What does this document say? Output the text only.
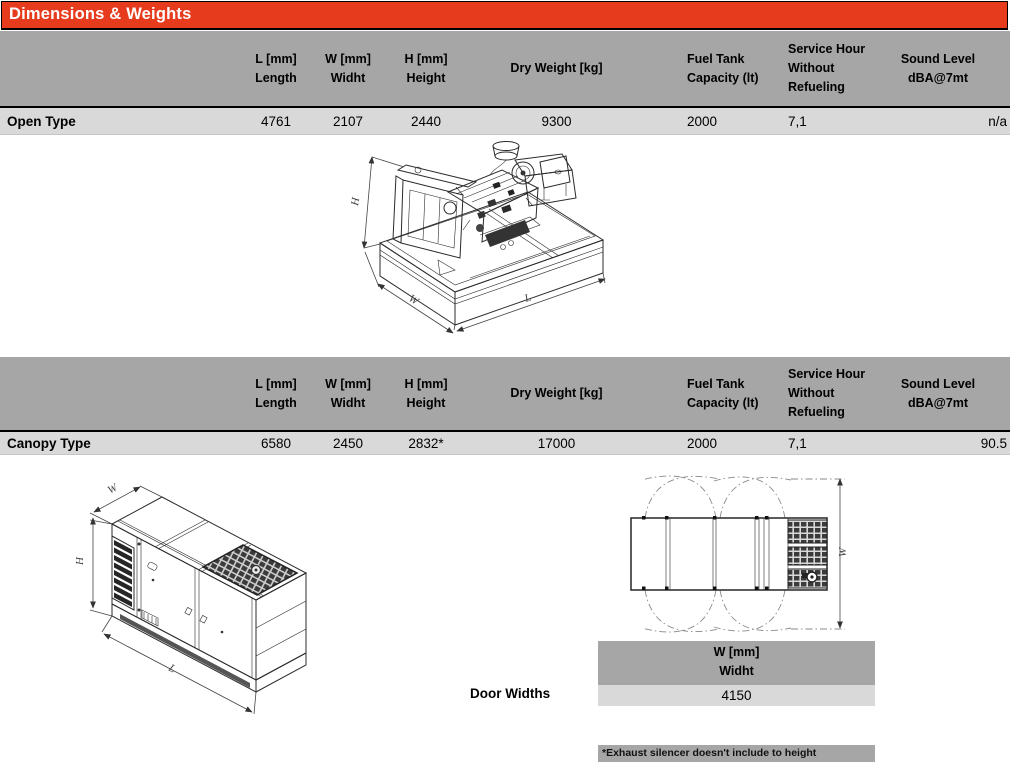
Dimensions & Weights
L [mm]
Length
W [mm]
Widht
H [mm]
Height
Dry Weight [kg]
Fuel Tank
Capacity (lt)
Service Hour
Without
Refueling
Sound Level
dBA@7mt
Open Type	4761	2107	2440	9300	2000	7,1	n/a
H
W	L
L [mm]
Length
W [mm]
Widht
H [mm]
Height
Dry Weight [kg]
Fuel Tank
Capacity (lt)
Service Hour
Without
Refueling
Sound Level
dBA@7mt
Canopy Type	6580	2450	2832*	17000	2000	7,1	90.5
W
H
L
W
Door Widths
W [mm]
Widht
4150
*Exhaust silencer doesn't include to height
